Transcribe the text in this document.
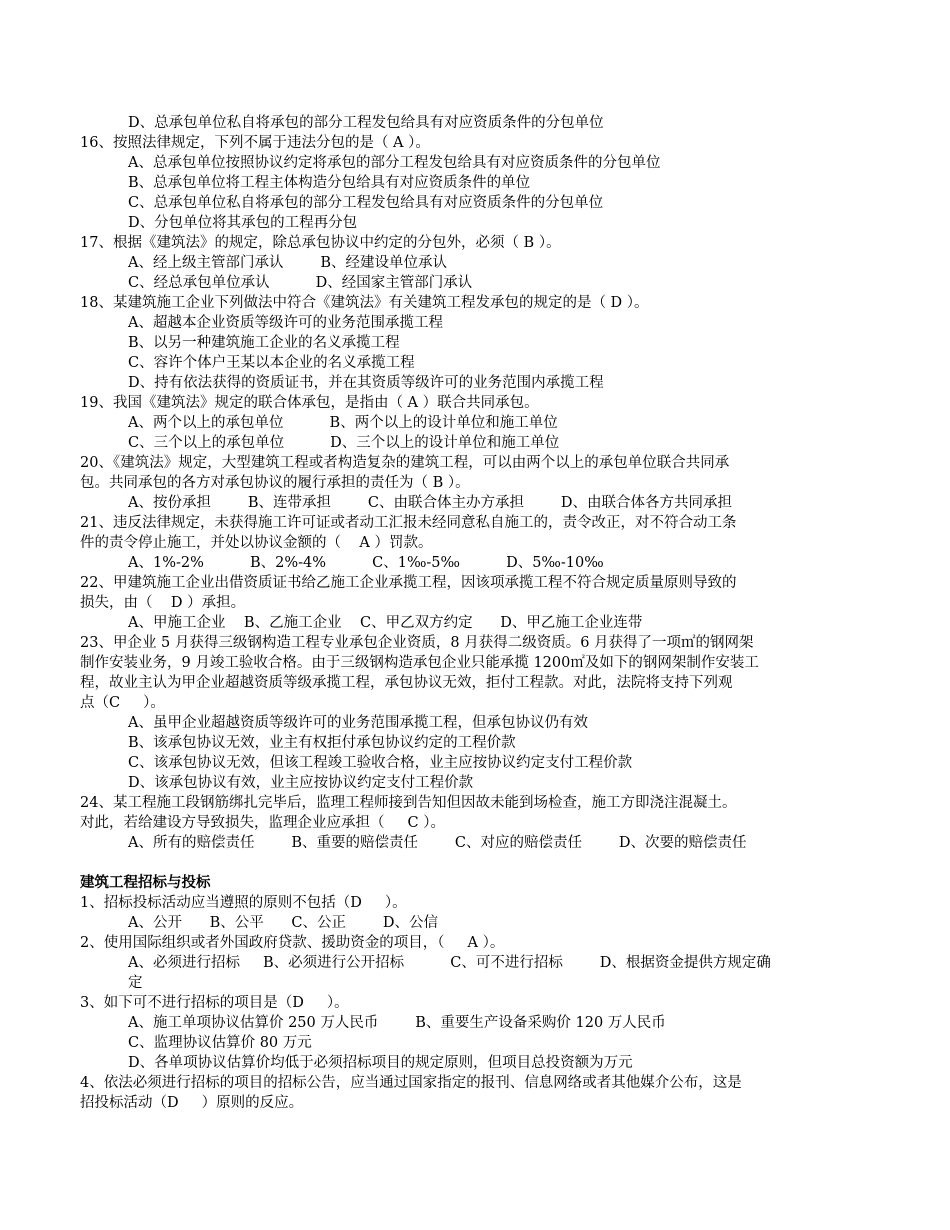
D、总承包单位私自将承包的部分工程发包给具有对应资质条件的分包单位
16、按照法律规定，下列不属于违法分包的是（ A ）。
A、总承包单位按照协议约定将承包的部分工程发包给具有对应资质条件的分包单位
B、总承包单位将工程主体构造分包给具有对应资质条件的单位
C、总承包单位私自将承包的部分工程发包给具有对应资质条件的分包单位
D、分包单位将其承包的工程再分包
17、根据《建筑法》的规定，除总承包协议中约定的分包外，必须（ B ）。
A、经上级主管部门承认        B、经建设单位承认
C、经总承包单位承认          D、经国家主管部门承认
18、某建筑施工企业下列做法中符合《建筑法》有关建筑工程发承包的规定的是（ D ）。
A、超越本企业资质等级许可的业务范围承揽工程
B、以另一种建筑施工企业的名义承揽工程
C、容许个体户王某以本企业的名义承揽工程
D、持有依法获得的资质证书，并在其资质等级许可的业务范围内承揽工程
19、我国《建筑法》规定的联合体承包，是指由（ A ）联合共同承包。
A、两个以上的承包单位          B、两个以上的设计单位和施工单位
C、三个以上的承包单位          D、三个以上的设计单位和施工单位
20、《建筑法》规定，大型建筑工程或者构造复杂的建筑工程，可以由两个以上的承包单位联合共同承
包。共同承包的各方对承包协议的履行承担的责任为（ B ）。
A、按份承担        B、连带承担        C、由联合体主办方承担        D、由联合体各方共同承担
21、违反法律规定，未获得施工许可证或者动工汇报未经同意私自施工的，责令改正，对不符合动工条
件的责令停止施工，并处以协议金额的（    A ）罚款。
A、1%-2%          B、2%-4%          C、1‰-5‰          D、5‰-10‰
22、甲建筑施工企业出借资质证书给乙施工企业承揽工程，因该项承揽工程不符合规定质量原则导致的
损失，由（    D ）承担。
A、甲施工企业    B、乙施工企业    C、甲乙双方约定      D、甲乙施工企业连带
23、甲企业 5 月获得三级钢构造工程专业承包企业资质，8 月获得二级资质。6 月获得了一项㎡的钢网架
制作安装业务，9 月竣工验收合格。由于三级钢构造承包企业只能承揽 1200㎡及如下的钢网架制作安装工
程，故业主认为甲企业超越资质等级承揽工程，承包协议无效，拒付工程款。对此，法院将支持下列观
点（C     ）。
A、虽甲企业超越资质等级许可的业务范围承揽工程，但承包协议仍有效
B、该承包协议无效，业主有权拒付承包协议约定的工程价款
C、该承包协议无效，但该工程竣工验收合格，业主应按协议约定支付工程价款
D、该承包协议有效，业主应按协议约定支付工程价款
24、某工程施工段钢筋绑扎完毕后，监理工程师接到告知但因故未能到场检查，施工方即浇注混凝土。
对此，若给建设方导致损失，监理企业应承担（     C ）。
A、所有的赔偿责任        B、重要的赔偿责任        C、对应的赔偿责任        D、次要的赔偿责任
建筑工程招标与投标
1、招标投标活动应当遵照的原则不包括（D     ）。
A、公开      B、公平      C、公正        D、公信
2、使用国际组织或者外国政府贷款、援助资金的项目，（     A ）。
A、必须进行招标     B、必须进行公开招标          C、可不进行招标        D、根据资金提供方规定确
定
3、如下可不进行招标的项目是（D     ）。
A、施工单项协议估算价 250 万人民币        B、重要生产设备采购价 120 万人民币
C、监理协议估算价 80 万元
D、各单项协议估算价均低于必须招标项目的规定原则，但项目总投资额为万元
4、依法必须进行招标的项目的招标公告，应当通过国家指定的报刊、信息网络或者其他媒介公布，这是
招投标活动（D     ）原则的反应。
